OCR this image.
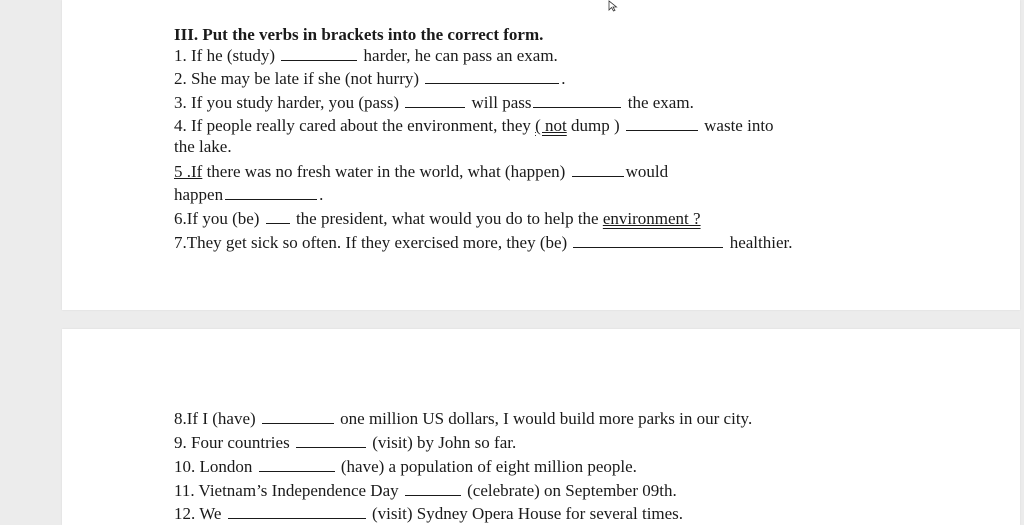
III. Put the verbs in brackets into the correct form.
1. If he (study)	harder, he can pass an exam.
2. She may be late if she (not hurry)	.
3. If you study harder, you (pass)	will pass	the exam.
4. If people really cared about the environment, they ( not dump )	waste into
the lake.
5 .If there was no fresh water in the world, what (happen)	would
happen	.
6.If you (be) the president, what would you do to help the environment ?
7.They get sick so often. If they exercised more, they (be)	healthier.
8.If I (have)	one million US dollars, I would build more parks in our city.
9. Four countries	(visit) by John so far.
10. London	(have) a population of eight million people.
11. Vietnam’s Independence Day	(celebrate) on September 09th.
12. We	(visit) Sydney Opera House for several times.
